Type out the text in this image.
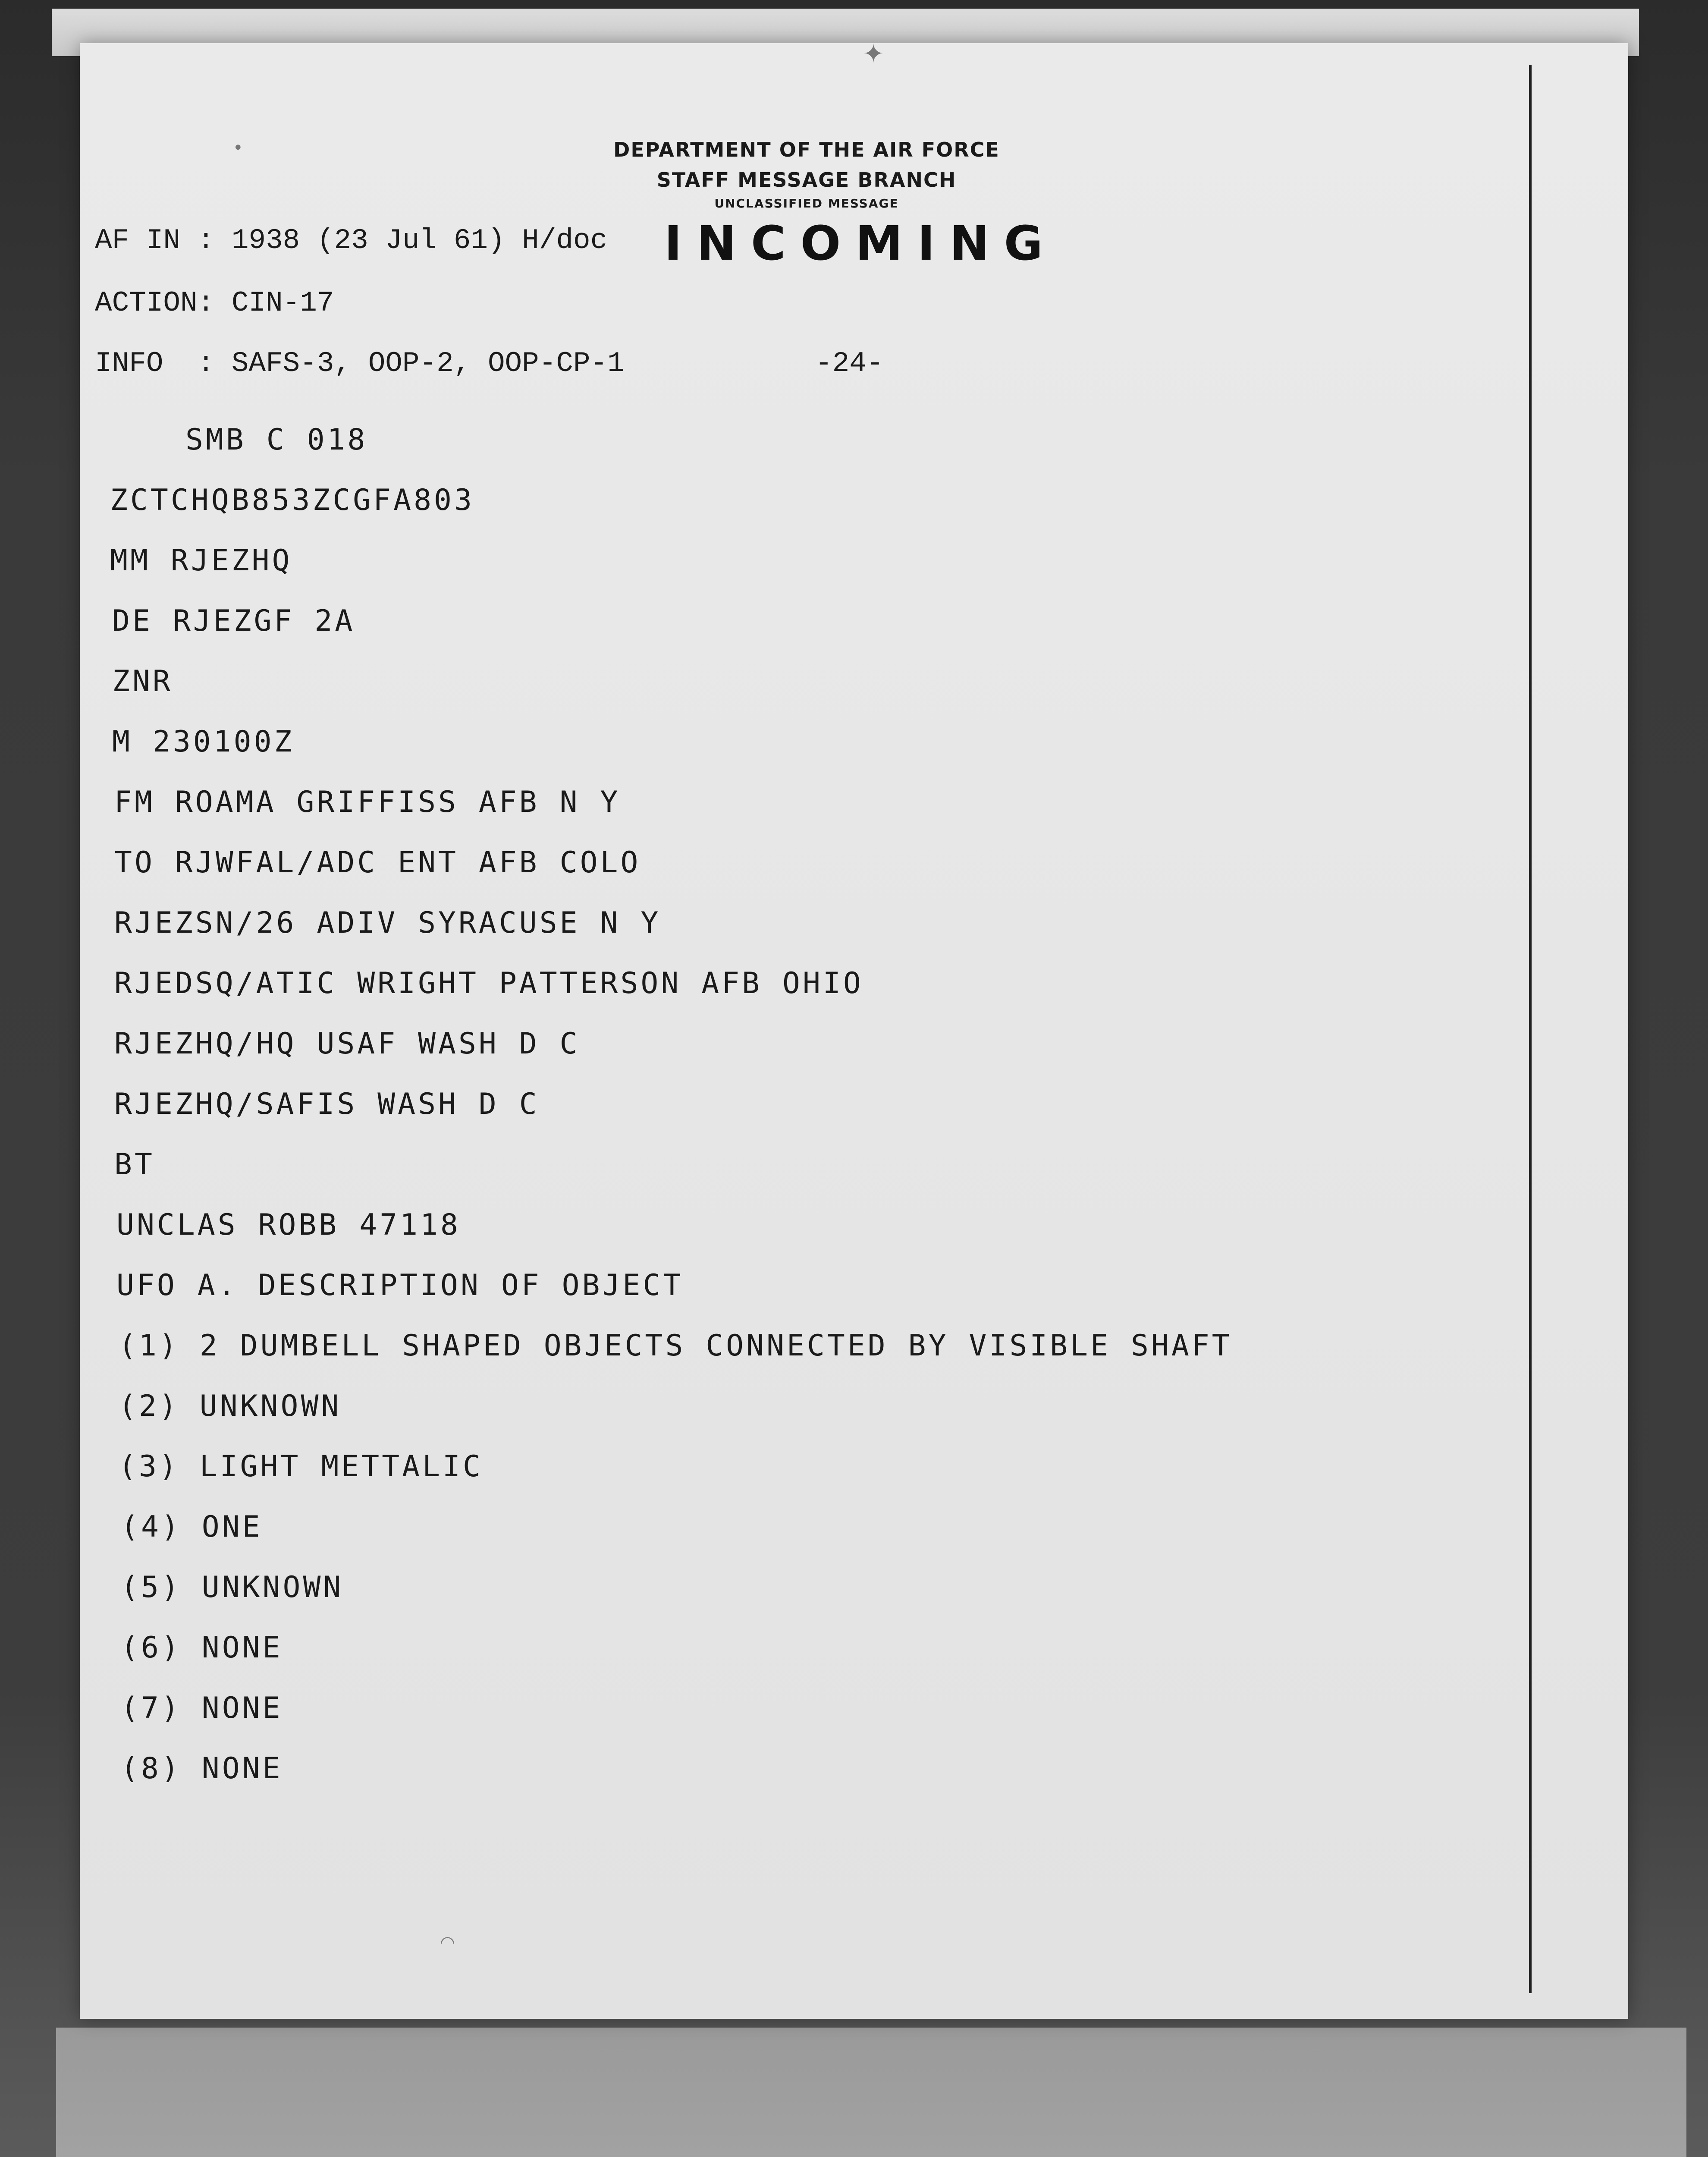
DEPARTMENT OF THE AIR FORCE
STAFF MESSAGE BRANCH
UNCLASSIFIED MESSAGE
INCOMING
AF IN : 1938 (23 Jul 61) H/doc
ACTION: CIN-17
INFO  : SAFS-3, OOP-2, OOP-CP-1	-24-
SMB C 018
ZCTCHQB853ZCGFA803
MM RJEZHQ
DE RJEZGF 2A
ZNR
M 230100Z
FM ROAMA GRIFFISS AFB N Y
TO RJWFAL/ADC ENT AFB COLO
RJEZSN/26 ADIV SYRACUSE N Y
RJEDSQ/ATIC WRIGHT PATTERSON AFB OHIO
RJEZHQ/HQ USAF WASH D C
RJEZHQ/SAFIS WASH D C
BT
UNCLAS ROBB 47118
UFO A. DESCRIPTION OF OBJECT
(1) 2 DUMBELL SHAPED OBJECTS CONNECTED BY VISIBLE SHAFT
(2) UNKNOWN
(3) LIGHT METTALIC
(4) ONE
(5) UNKNOWN
(6) NONE
(7) NONE
(8) NONE
✦
•
◠
